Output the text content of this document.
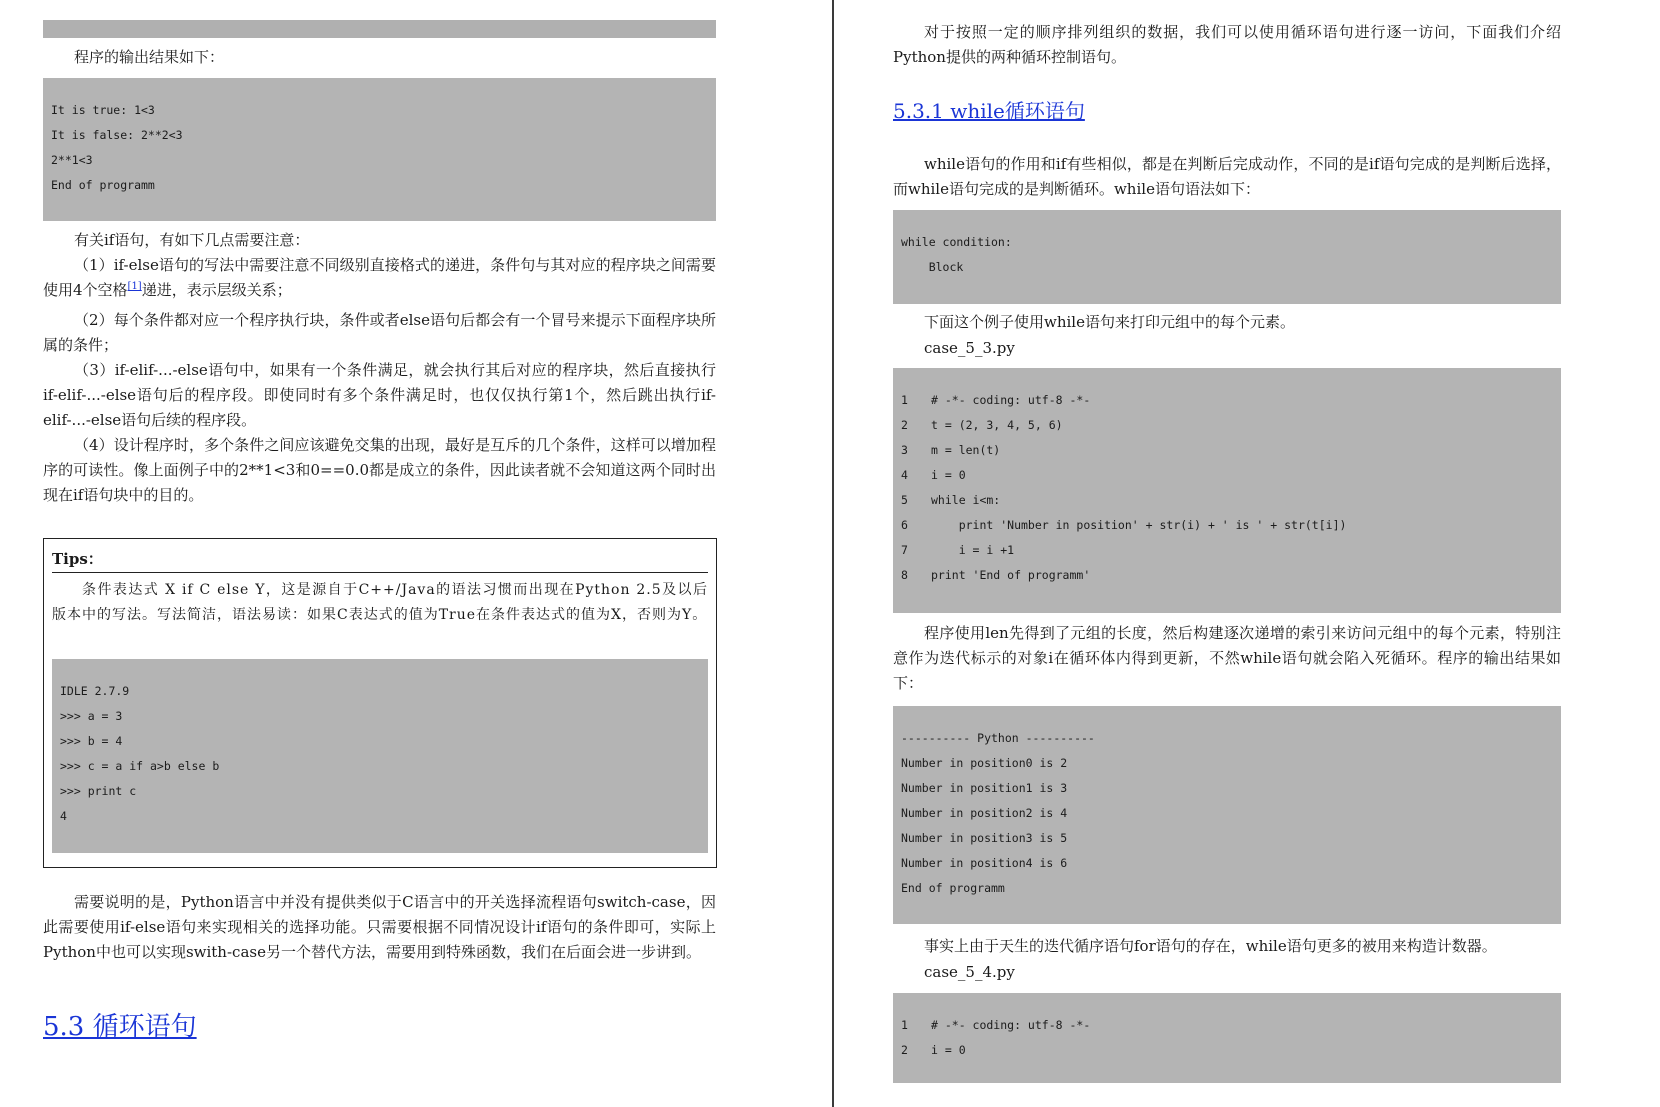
程序的输出结果如下：

It is true: 1<3
It is false: 2**2<3
2**1<3
End of programm

有关if语句，有如下几点需要注意：

（1）if-else语句的写法中需要注意不同级别直接格式的递进，条件句与其对应的程序块之间需要使用4个空格[1]递进，表示层级关系；

（2）每个条件都对应一个程序执行块，条件或者else语句后都会有一个冒号来提示下面程序块所属的条件；

（3）if-elif-...-else语句中，如果有一个条件满足，就会执行其后对应的程序块，然后直接执行if-elif-...-else语句后的程序段。即使同时有多个条件满足时，也仅仅执行第1个，然后跳出执行if-elif-...-else语句后续的程序段。

（4）设计程序时，多个条件之间应该避免交集的出现，最好是互斥的几个条件，这样可以增加程序的可读性。像上面例子中的2**1<3和0==0.0都是成立的条件，因此读者就不会知道这两个同时出现在if语句块中的目的。

Tips：

条件表达式 X if C else Y，这是源自于C++/Java的语法习惯而出现在Python 2.5及以后版本中的写法。写法简洁，语法易读：如果C表达式的值为True在条件表达式的值为X，否则为Y。

IDLE 2.7.9
>>> a = 3
>>> b = 4
>>> c = a if a>b else b
>>> print c
4

需要说明的是，Python语言中并没有提供类似于C语言中的开关选择流程语句switch-case，因此需要使用if-else语句来实现相关的选择功能。只需要根据不同情况设计if语句的条件即可，实际上Python中也可以实现swith-case另一个替代方法，需要用到特殊函数，我们在后面会进一步讲到。

5.3 循环语句

对于按照一定的顺序排列组织的数据，我们可以使用循环语句进行逐一访问，下面我们介绍Python提供的两种循环控制语句。

5.3.1 while循环语句

while语句的作用和if有些相似，都是在判断后完成动作，不同的是if语句完成的是判断后选择，而while语句完成的是判断循环。while语句语法如下：

while condition:
Block

下面这个例子使用while语句来打印元组中的每个元素。

case_5_3.py

1 # -*- coding: utf-8 -*-
2 t = (2, 3, 4, 5, 6)
3 m = len(t)
4 i = 0
5 while i<m:
6    print 'Number in position' + str(i) + ' is ' + str(t[i])
7    i = i +1
8 print 'End of programm'

程序使用len先得到了元组的长度，然后构建逐次递增的索引来访问元组中的每个元素，特别注意作为迭代标示的对象i在循环体内得到更新，不然while语句就会陷入死循环。程序的输出结果如下：

---------- Python ----------
Number in position0 is 2
Number in position1 is 3
Number in position2 is 4
Number in position3 is 5
Number in position4 is 6
End of programm

事实上由于天生的迭代循序语句for语句的存在，while语句更多的被用来构造计数器。

case_5_4.py

1 # -*- coding: utf-8 -*-
2 i = 0
